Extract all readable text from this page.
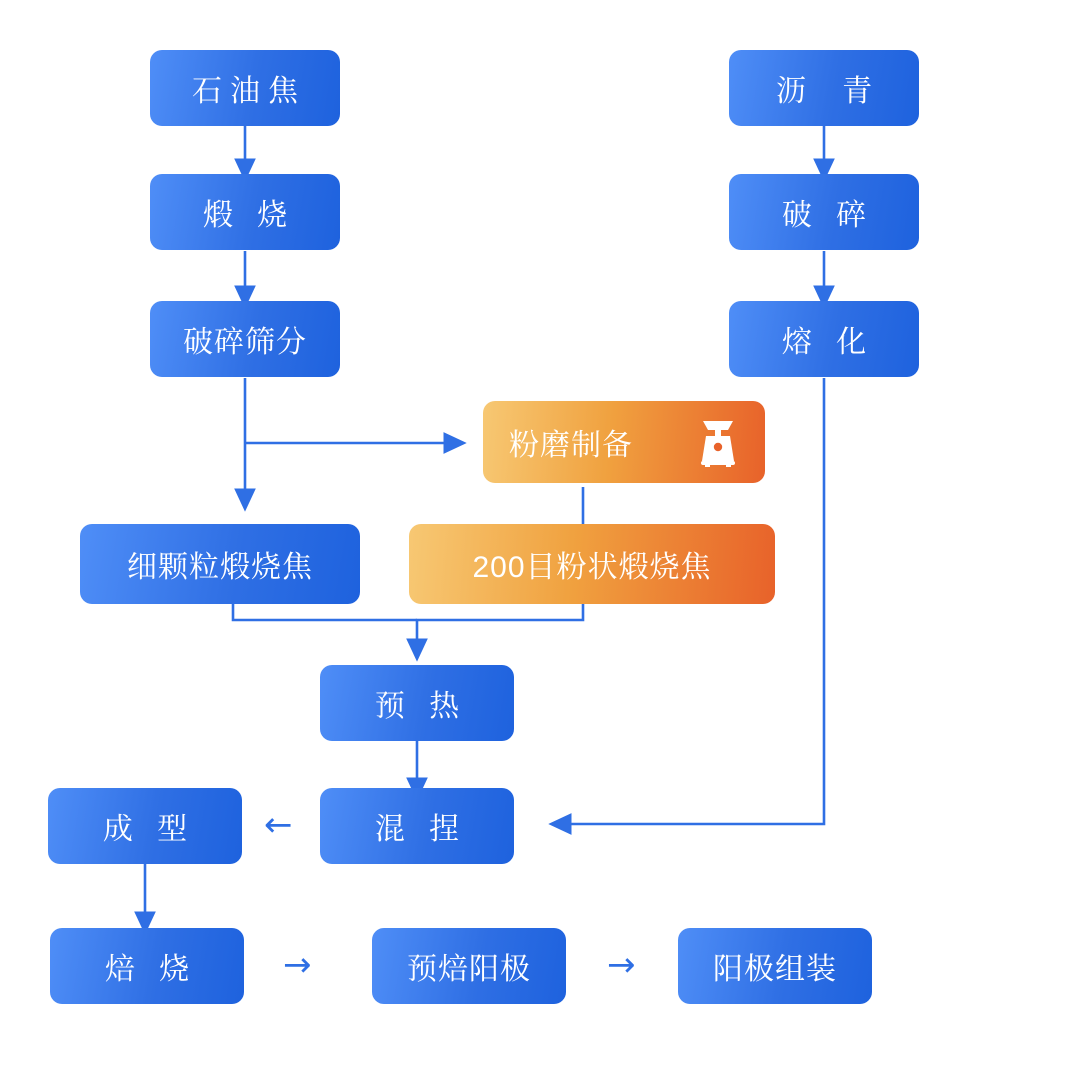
石油焦
煅 烧
破碎筛分
沥 青
破 碎
熔 化
粉磨制备
细颗粒煅烧焦	200目粉状煅烧焦
预 热
混 捏
成 型
焙 烧	预焙阳极	阳极组装
←
→	→
